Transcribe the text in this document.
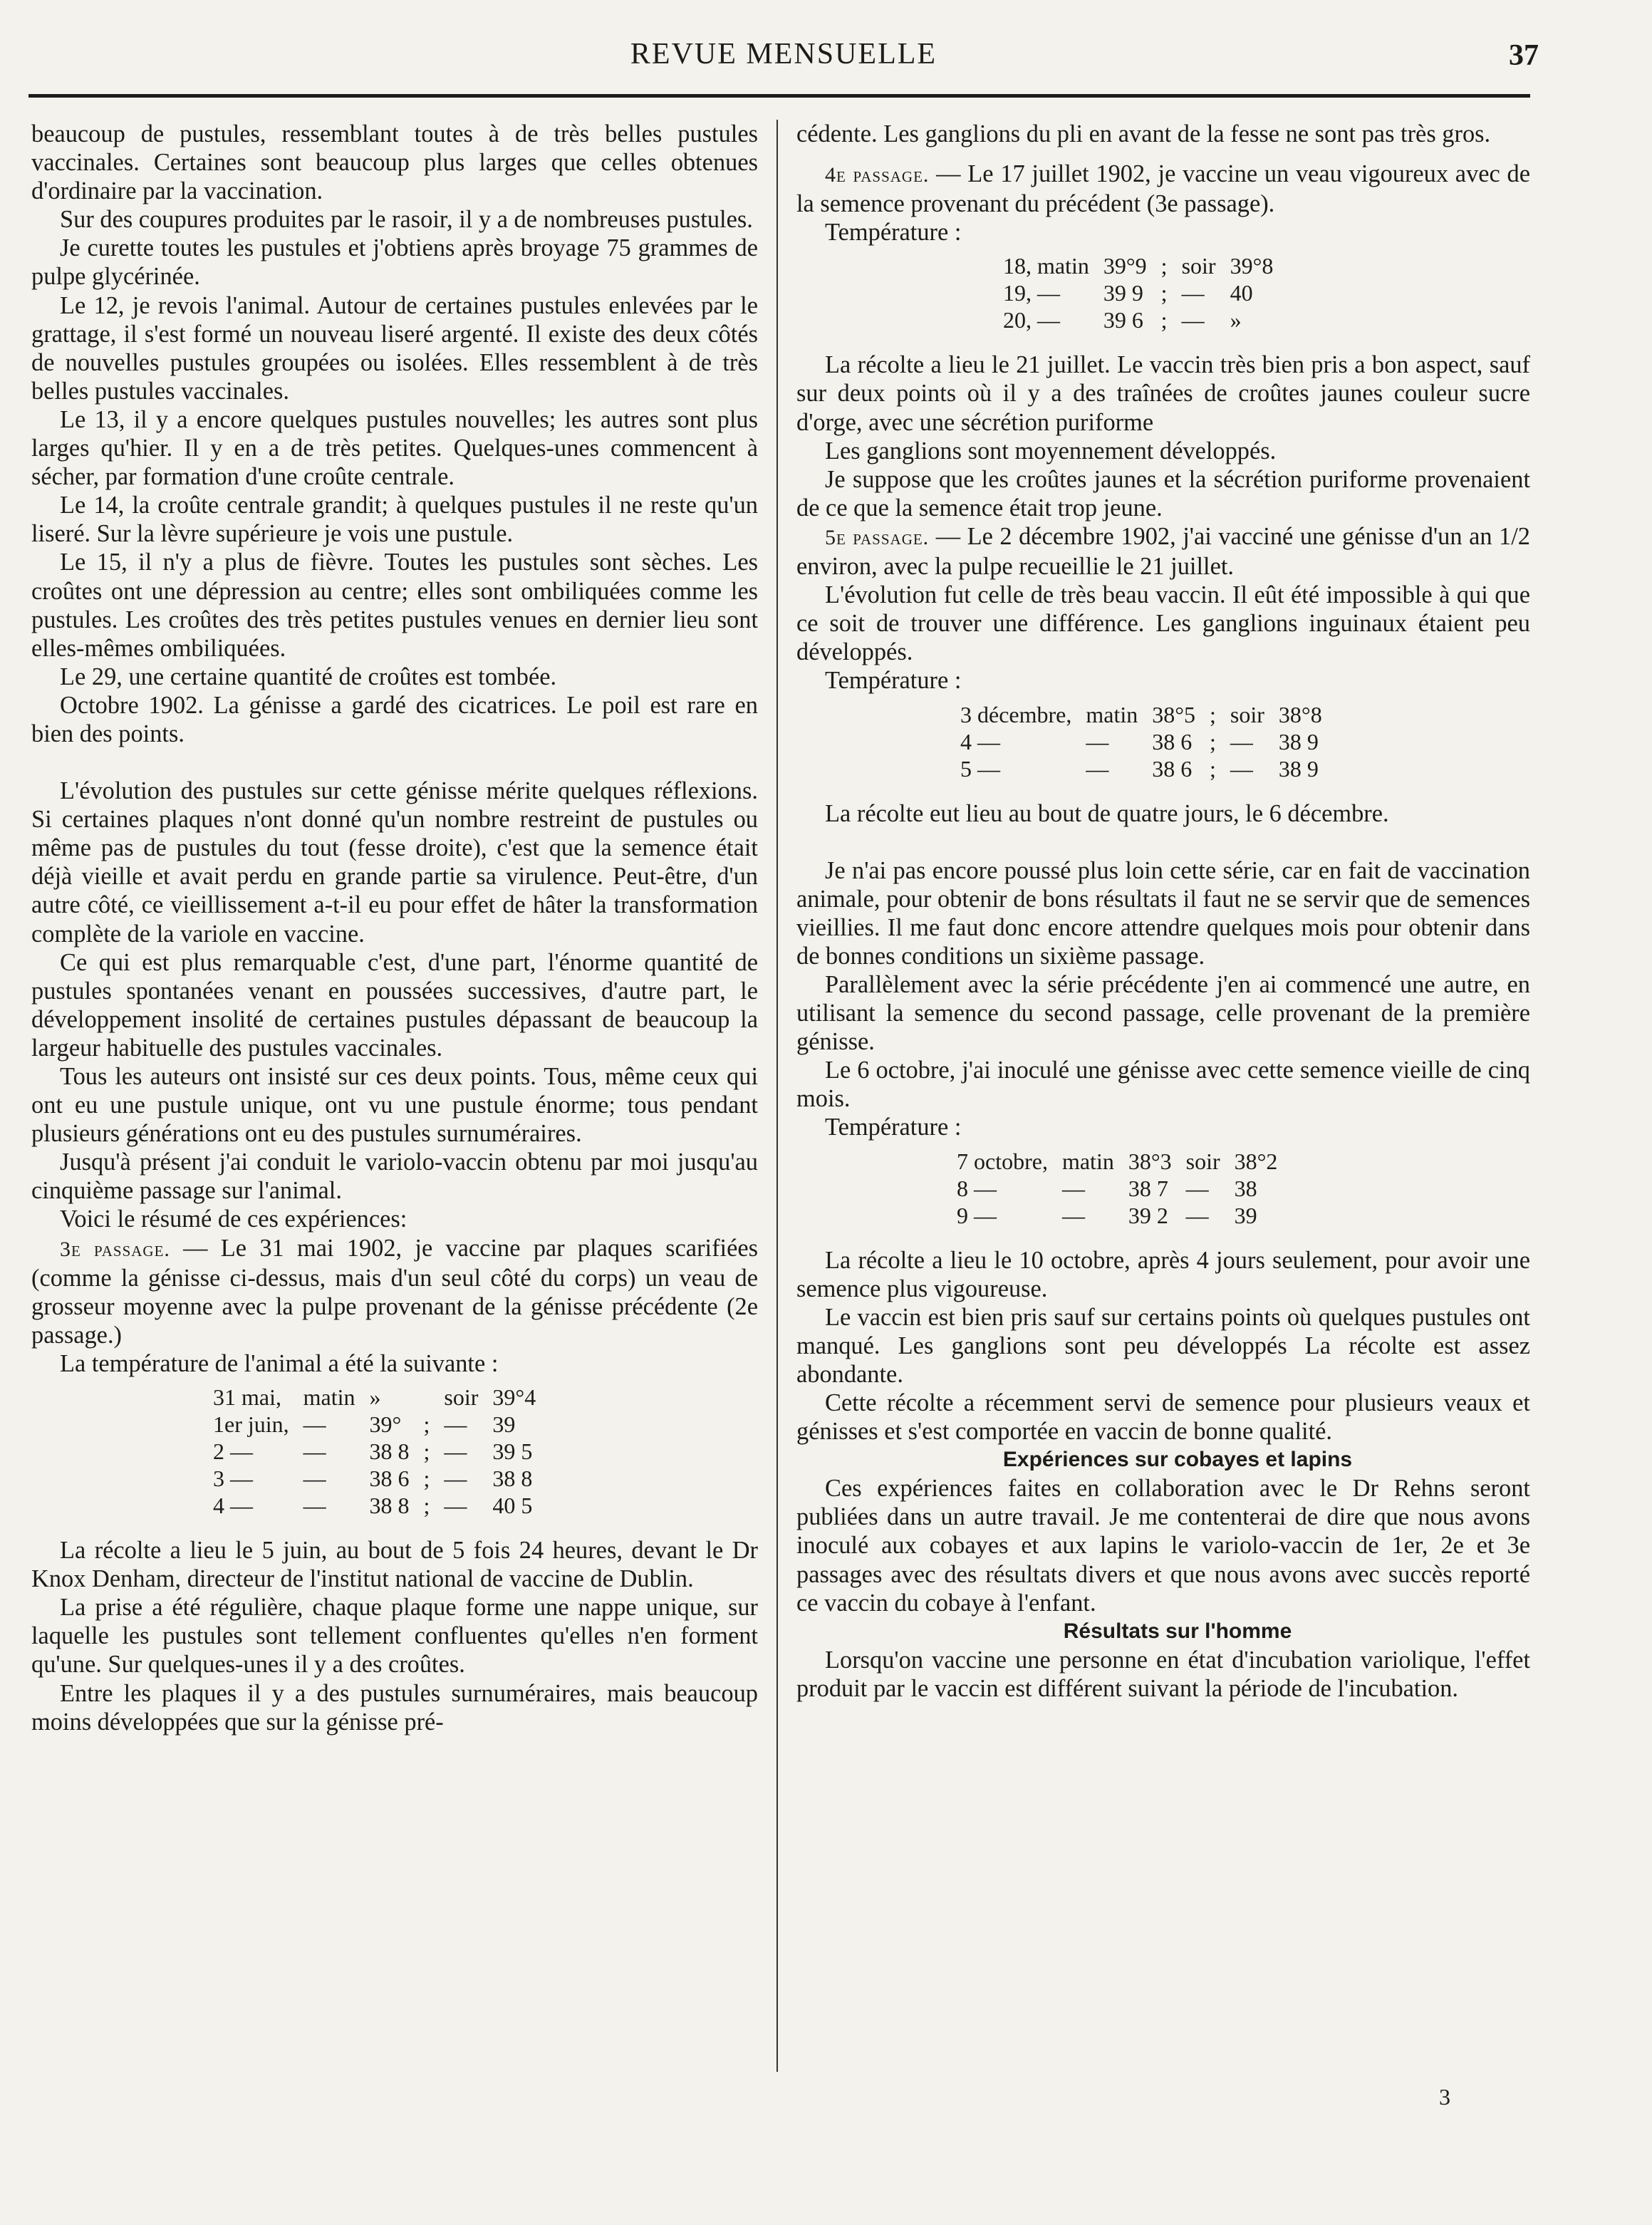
REVUE MENSUELLE	37

beaucoup de pustules, ressemblant toutes à de très belles pustules vaccinales. Certaines sont beaucoup plus larges que celles obtenues d'ordinaire par la vaccination.

Sur des coupures produites par le rasoir, il y a de nombreuses pustules.

Je curette toutes les pustules et j'obtiens après broyage 75 grammes de pulpe glycérinée.

Le 12, je revois l'animal. Autour de certaines pustules enlevées par le grattage, il s'est formé un nouveau liseré argenté. Il existe des deux côtés de nouvelles pustules groupées ou isolées. Elles ressemblent à de très belles pustules vaccinales.

Le 13, il y a encore quelques pustules nouvelles; les autres sont plus larges qu'hier. Il y en a de très petites. Quelques-unes commencent à sécher, par formation d'une croûte centrale.

Le 14, la croûte centrale grandit; à quelques pustules il ne reste qu'un liseré. Sur la lèvre supérieure je vois une pustule.

Le 15, il n'y a plus de fièvre. Toutes les pustules sont sèches. Les croûtes ont une dépression au centre; elles sont ombiliquées comme les pustules. Les croûtes des très petites pustules venues en dernier lieu sont elles-mêmes ombiliquées.

Le 29, une certaine quantité de croûtes est tombée.

Octobre 1902. La génisse a gardé des cicatrices. Le poil est rare en bien des points.

L'évolution des pustules sur cette génisse mérite quelques réflexions. Si certaines plaques n'ont donné qu'un nombre restreint de pustules ou même pas de pustules du tout (fesse droite), c'est que la semence était déjà vieille et avait perdu en grande partie sa virulence. Peut-être, d'un autre côté, ce vieillissement a-t-il eu pour effet de hâter la transformation complète de la variole en vaccine.

Ce qui est plus remarquable c'est, d'une part, l'énorme quantité de pustules spontanées venant en poussées successives, d'autre part, le développement insolité de certaines pustules dépassant de beaucoup la largeur habituelle des pustules vaccinales.

Tous les auteurs ont insisté sur ces deux points. Tous, même ceux qui ont eu une pustule unique, ont vu une pustule énorme; tous pendant plusieurs générations ont eu des pustules surnuméraires.

Jusqu'à présent j'ai conduit le variolo-vaccin obtenu par moi jusqu'au cinquième passage sur l'animal.

Voici le résumé de ces expériences:

3e passage. — Le 31 mai 1902, je vaccine par plaques scarifiées (comme la génisse ci-dessus, mais d'un seul côté du corps) un veau de grosseur moyenne avec la pulpe provenant de la génisse précédente (2e passage.)

La température de l'animal a été la suivante :

31 mai,	matin	»		soir	39°4
1er juin,	—	39°	;	—	39
2 —	—	38 8	;	—	39 5
3 —	—	38 6	;	—	38 8
4 —	—	38 8	;	—	40 5

La récolte a lieu le 5 juin, au bout de 5 fois 24 heures, devant le Dr Knox Denham, directeur de l'institut national de vaccine de Dublin.

La prise a été régulière, chaque plaque forme une nappe unique, sur laquelle les pustules sont tellement confluentes qu'elles n'en forment qu'une. Sur quelques-unes il y a des croûtes.

Entre les plaques il y a des pustules surnuméraires, mais beaucoup moins développées que sur la génisse pré-

cédente. Les ganglions du pli en avant de la fesse ne sont pas très gros.

4e passage. — Le 17 juillet 1902, je vaccine un veau vigoureux avec de la semence provenant du précédent (3e passage).

Température :

18, matin	39°9	;	soir	39°8
19, —	39 9	;	—	40
20, —	39 6	;	—	»

La récolte a lieu le 21 juillet. Le vaccin très bien pris a bon aspect, sauf sur deux points où il y a des traînées de croûtes jaunes couleur sucre d'orge, avec une sécrétion puriforme

Les ganglions sont moyennement développés.

Je suppose que les croûtes jaunes et la sécrétion puriforme provenaient de ce que la semence était trop jeune.

5e passage. — Le 2 décembre 1902, j'ai vacciné une génisse d'un an 1/2 environ, avec la pulpe recueillie le 21 juillet.

L'évolution fut celle de très beau vaccin. Il eût été impossible à qui que ce soit de trouver une différence. Les ganglions inguinaux étaient peu développés.

Température :

3 décembre,	matin	38°5	;	soir	38°8
4 —	—	38 6	;	—	38 9
5 —	—	38 6	;	—	38 9

La récolte eut lieu au bout de quatre jours, le 6 décembre.

Je n'ai pas encore poussé plus loin cette série, car en fait de vaccination animale, pour obtenir de bons résultats il faut ne se servir que de semences vieillies. Il me faut donc encore attendre quelques mois pour obtenir dans de bonnes conditions un sixième passage.

Parallèlement avec la série précédente j'en ai commencé une autre, en utilisant la semence du second passage, celle provenant de la première génisse.

Le 6 octobre, j'ai inoculé une génisse avec cette semence vieille de cinq mois.

Température :

7 octobre,	matin	38°3	soir	38°2
8 —	—	38 7	—	38
9 —	—	39 2	—	39

La récolte a lieu le 10 octobre, après 4 jours seulement, pour avoir une semence plus vigoureuse.

Le vaccin est bien pris sauf sur certains points où quelques pustules ont manqué. Les ganglions sont peu développés La récolte est assez abondante.

Cette récolte a récemment servi de semence pour plusieurs veaux et génisses et s'est comportée en vaccin de bonne qualité.

Expériences sur cobayes et lapins

Ces expériences faites en collaboration avec le Dr Rehns seront publiées dans un autre travail. Je me contenterai de dire que nous avons inoculé aux cobayes et aux lapins le variolo-vaccin de 1er, 2e et 3e passages avec des résultats divers et que nous avons avec succès reporté ce vaccin du cobaye à l'enfant.

Résultats sur l'homme

Lorsqu'on vaccine une personne en état d'incubation variolique, l'effet produit par le vaccin est différent suivant la période de l'incubation.

3
